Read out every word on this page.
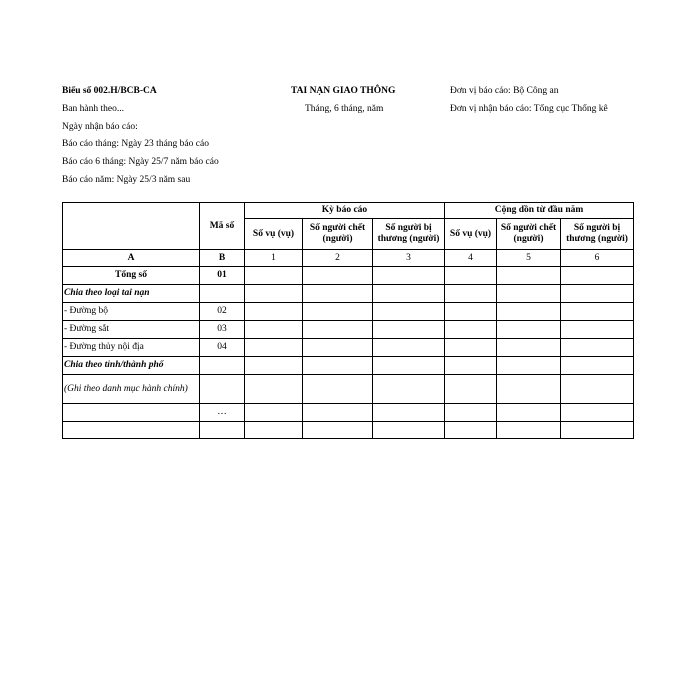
Biểu số 002.H/BCB-CA
Ban hành theo...
Ngày nhận báo cáo:
Báo cáo tháng: Ngày 23 tháng báo cáo
Báo cáo 6 tháng: Ngày 25/7 năm báo cáo
Báo cáo năm: Ngày 25/3 năm sau
TAI NẠN GIAO THÔNG
Tháng, 6 tháng, năm
Đơn vị báo cáo: Bộ Công an
Đơn vị nhận báo cáo: Tổng cục Thống kê
	Mã số	Kỳ báo cáo			Cộng dồn từ đầu năm		
		Số vụ (vụ)	Số người chết (người)	Số người bị thương (người)	Số vụ (vụ)	Số người chết (người)	Số người bị thương (người)
A	B	1	2	3	4	5	6
Tổng số	01						
Chia theo loại tai nạn							
- Đường bộ	02						
- Đường sắt	03						
- Đường thủy nội địa	04						
Chia theo tỉnh/thành phố							
(Ghi theo danh mục hành chính)							
	…						
